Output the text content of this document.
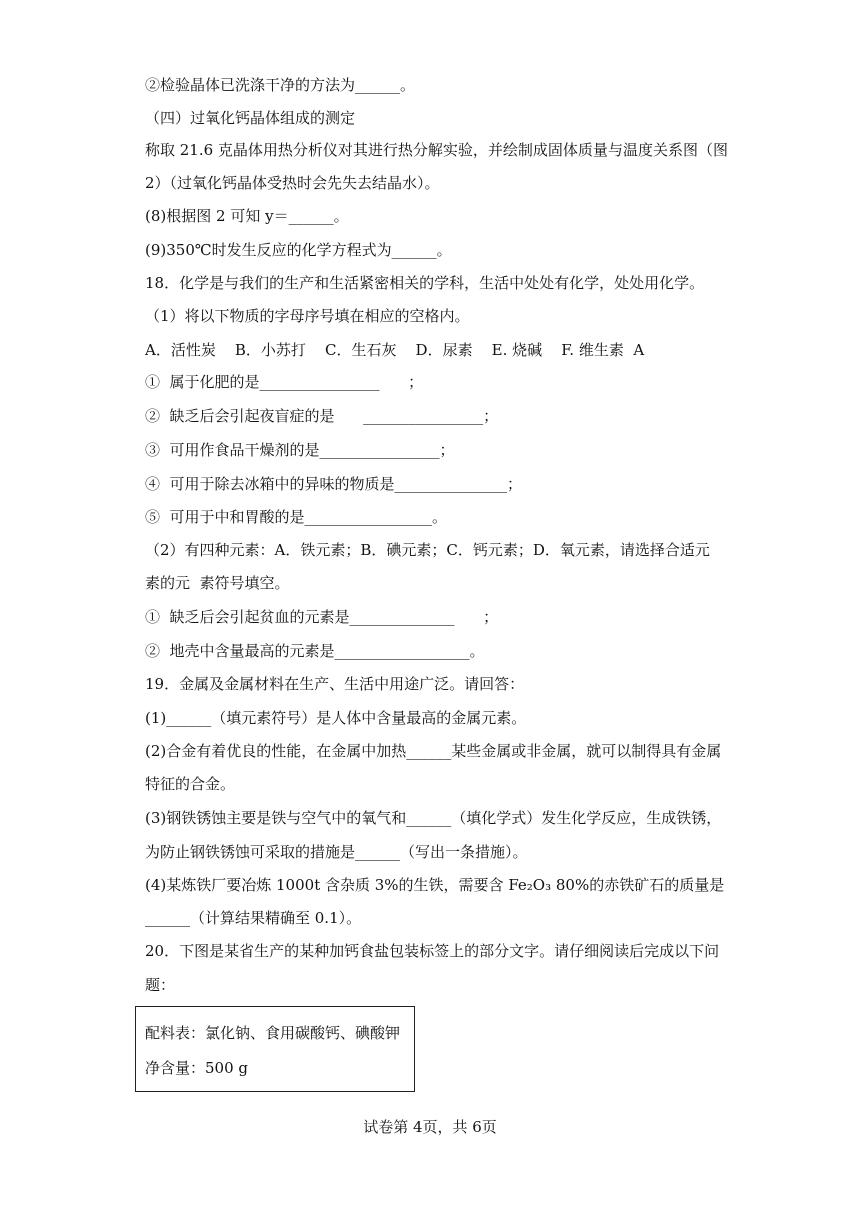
②检验晶体已洗涤干净的方法为______。
（四）过氧化钙晶体组成的测定
称取 21.6 克晶体用热分析仪对其进行热分解实验，并绘制成固体质量与温度关系图（图
2）（过氧化钙晶体受热时会先失去结晶水）。
(8)根据图 2 可知 y＝______。
(9)350℃时发生反应的化学方程式为______。
18．化学是与我们的生产和生活紧密相关的学科，生活中处处有化学，处处用化学。
（1）将以下物质的字母序号填在相应的空格内。
A．活性炭    B．小苏打    C．生石灰    D．尿素    E. 烧碱    F. 维生素  A
①  属于化肥的是________________      ；
②  缺乏后会引起夜盲症的是      ________________；
③  可用作食品干燥剂的是________________；
④  可用于除去冰箱中的异味的物质是_______________；
⑤  可用于中和胃酸的是_________________。
（2）有四种元素：A．铁元素；B．碘元素；C．钙元素；D．氧元素，请选择合适元
素的元  素符号填空。
①  缺乏后会引起贫血的元素是______________      ；
②  地壳中含量最高的元素是__________________。
19．金属及金属材料在生产、生活中用途广泛。请回答：
(1)______（填元素符号）是人体中含量最高的金属元素。
(2)合金有着优良的性能，在金属中加热______某些金属或非金属，就可以制得具有金属
特征的合金。
(3)钢铁锈蚀主要是铁与空气中的氧气和______（填化学式）发生化学反应，生成铁锈，
为防止钢铁锈蚀可采取的措施是______（写出一条措施）。
(4)某炼铁厂要冶炼 1000t 含杂质 3%的生铁，需要含 Fe₂O₃ 80%的赤铁矿石的质量是
______（计算结果精确至 0.1）。
20．下图是某省生产的某种加钙食盐包装标签上的部分文字。请仔细阅读后完成以下问
题：
配料表：氯化钠、食用碳酸钙、碘酸钾
净含量：500 g
试卷第 4页，共 6页
